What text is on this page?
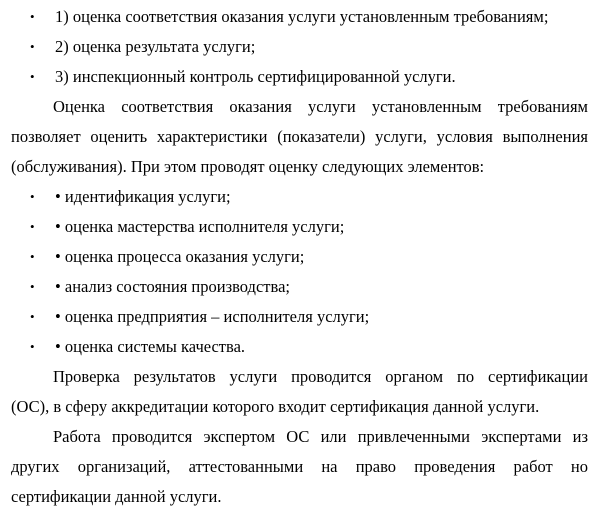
• 1) оценка соответствия оказания услуги установленным требованиям;
• 2) оценка результата услуги;
• 3) инспекционный контроль сертифицированной услуги.
Оценка соответствия оказания услуги установленным требованиям
позволяет оценить характеристики (показатели) услуги, условия выполнения
(обслуживания). При этом проводят оценку следующих элементов:
• • идентификация услуги;
• • оценка мастерства исполнителя услуги;
• • оценка процесса оказания услуги;
• • анализ состояния производства;
• • оценка предприятия – исполнителя услуги;
• • оценка системы качества.
Проверка результатов услуги проводится органом по сертификации
(ОС), в сферу аккредитации которого входит сертификация данной услуги.
Работа проводится экспертом ОС или привлеченными экспертами из
других организаций, аттестованными на право проведения работ но
сертификации данной услуги.
